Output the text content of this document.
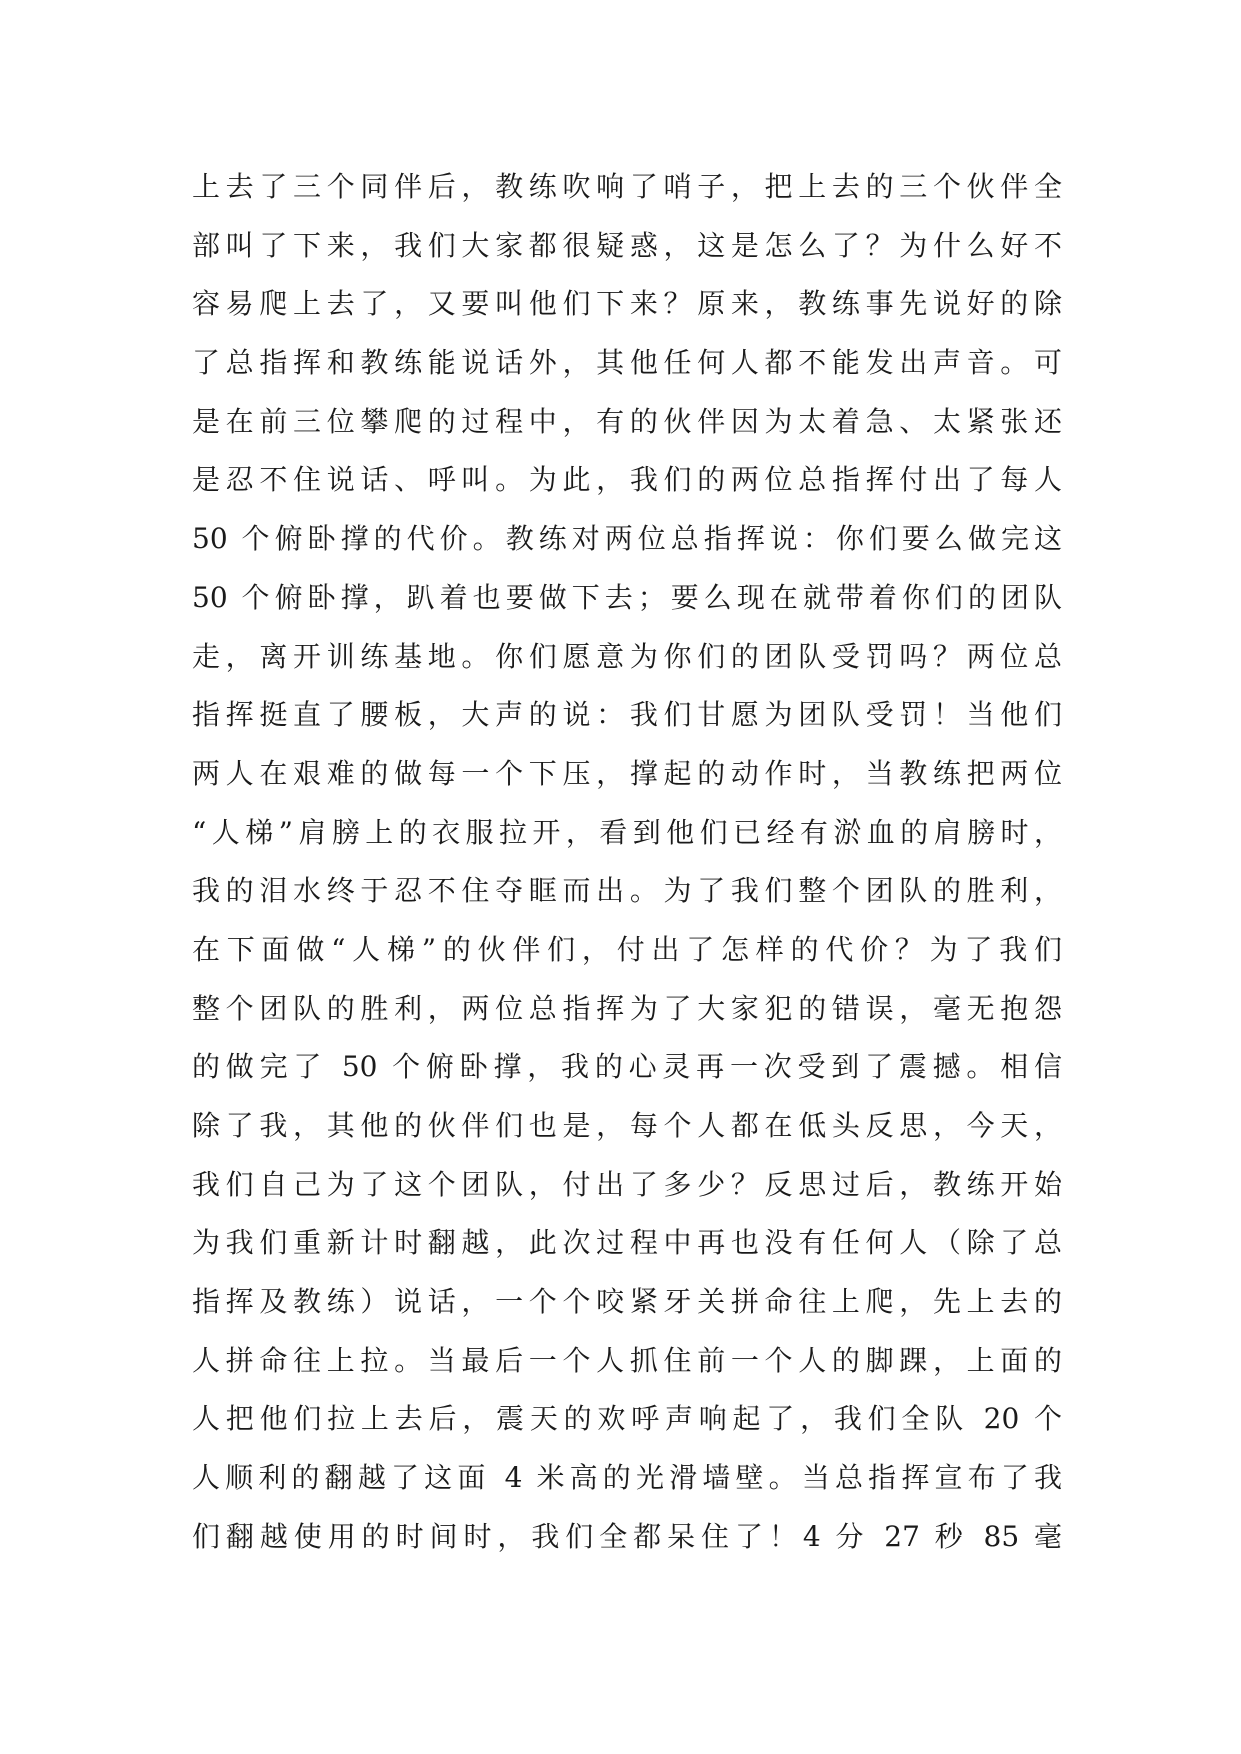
上去了三个同伴后，教练吹响了哨子，把上去的三个伙伴全
部叫了下来，我们大家都很疑惑，这是怎么了？为什么好不
容易爬上去了，又要叫他们下来？原来，教练事先说好的除
了总指挥和教练能说话外，其他任何人都不能发出声音。可
是在前三位攀爬的过程中，有的伙伴因为太着急、太紧张还
是忍不住说话、呼叫。为此，我们的两位总指挥付出了每人
50 个俯卧撑的代价。教练对两位总指挥说：你们要么做完这
50 个俯卧撑，趴着也要做下去；要么现在就带着你们的团队
走，离开训练基地。你们愿意为你们的团队受罚吗？两位总
指挥挺直了腰板，大声的说：我们甘愿为团队受罚！当他们
两人在艰难的做每一个下压，撑起的动作时，当教练把两位
“人梯”肩膀上的衣服拉开，看到他们已经有淤血的肩膀时，
我的泪水终于忍不住夺眶而出。为了我们整个团队的胜利，
在下面做“人梯”的伙伴们，付出了怎样的代价？为了我们
整个团队的胜利，两位总指挥为了大家犯的错误，毫无抱怨
的做完了 50 个俯卧撑，我的心灵再一次受到了震撼。相信
除了我，其他的伙伴们也是，每个人都在低头反思，今天，
我们自己为了这个团队，付出了多少？反思过后，教练开始
为我们重新计时翻越，此次过程中再也没有任何人（除了总
指挥及教练）说话，一个个咬紧牙关拼命往上爬，先上去的
人拼命往上拉。当最后一个人抓住前一个人的脚踝，上面的
人把他们拉上去后，震天的欢呼声响起了，我们全队 20 个
人顺利的翻越了这面 4 米高的光滑墙壁。当总指挥宣布了我
们翻越使用的时间时，我们全都呆住了！4 分 27 秒 85 毫
